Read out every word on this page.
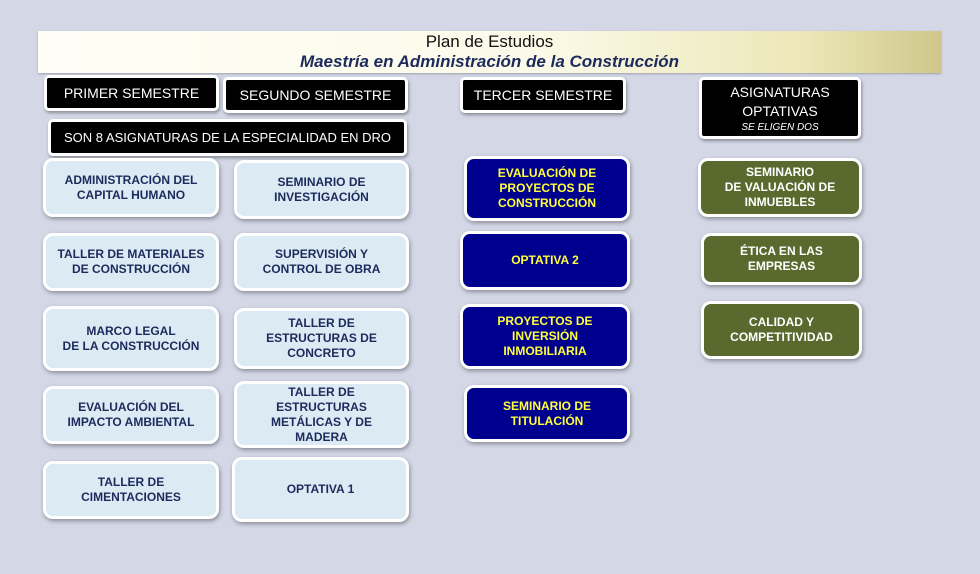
Plan de Estudios
Maestría en Administración de la Construcción
PRIMER SEMESTRE	SEGUNDO SEMESTRE	TERCER SEMESTRE	ASIGNATURAS
OPTATIVAS
SE ELIGEN DOS
SON 8 ASIGNATURAS DE LA ESPECIALIDAD EN DRO
ADMINISTRACIÓN DEL
CAPITAL HUMANO
TALLER DE MATERIALES
DE CONSTRUCCIÓN
MARCO LEGAL
DE LA CONSTRUCCIÓN
EVALUACIÓN DEL
IMPACTO AMBIENTAL
TALLER DE
CIMENTACIONES
SEMINARIO DE
INVESTIGACIÓN
SUPERVISIÓN Y
CONTROL DE OBRA
TALLER DE
ESTRUCTURAS DE
CONCRETO
TALLER DE
ESTRUCTURAS
METÁLICAS Y DE
MADERA
OPTATIVA 1
EVALUACIÓN DE
PROYECTOS DE
CONSTRUCCIÓN
OPTATIVA 2
PROYECTOS DE
INVERSIÓN
INMOBILIARIA
SEMINARIO DE
TITULACIÓN
SEMINARIO
DE VALUACIÓN DE
INMUEBLES
ÉTICA EN LAS
EMPRESAS
CALIDAD Y
COMPETITIVIDAD
